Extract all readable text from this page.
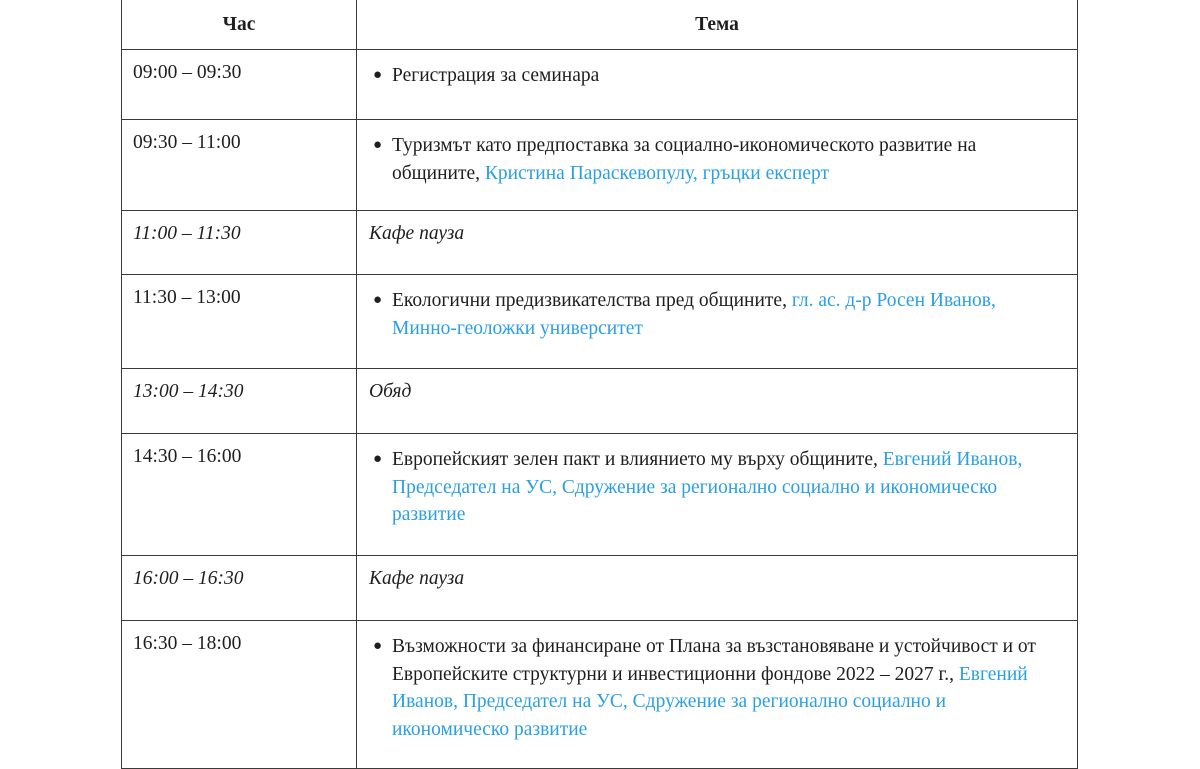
Час	Тема
09:00 – 09:30	● Регистрация за семинара

09:30 – 11:00	● Туризмът като предпоставка за социално-икономическото развитие на общините, Кристина Параскевопулу, гръцки експерт

11:00 – 11:30	Кафе пауза
11:30 – 13:00	● Екологични предизвикателства пред общините, гл. ас. д-р Росен Иванов, Минно-геоложки университет

13:00 – 14:30	Обяд
14:30 – 16:00	● Европейският зелен пакт и влиянието му върху общините, Евгений Иванов, Председател на УС, Сдружение за регионално социално и икономическо развитие

16:00 – 16:30	Кафе пауза
16:30 – 18:00	● Възможности за финансиране от Плана за възстановяване и устойчивост и от Европейските структурни и инвестиционни фондове 2022 – 2027 г., Евгений Иванов, Председател на УС, Сдружение за регионално социално и икономическо развитие
